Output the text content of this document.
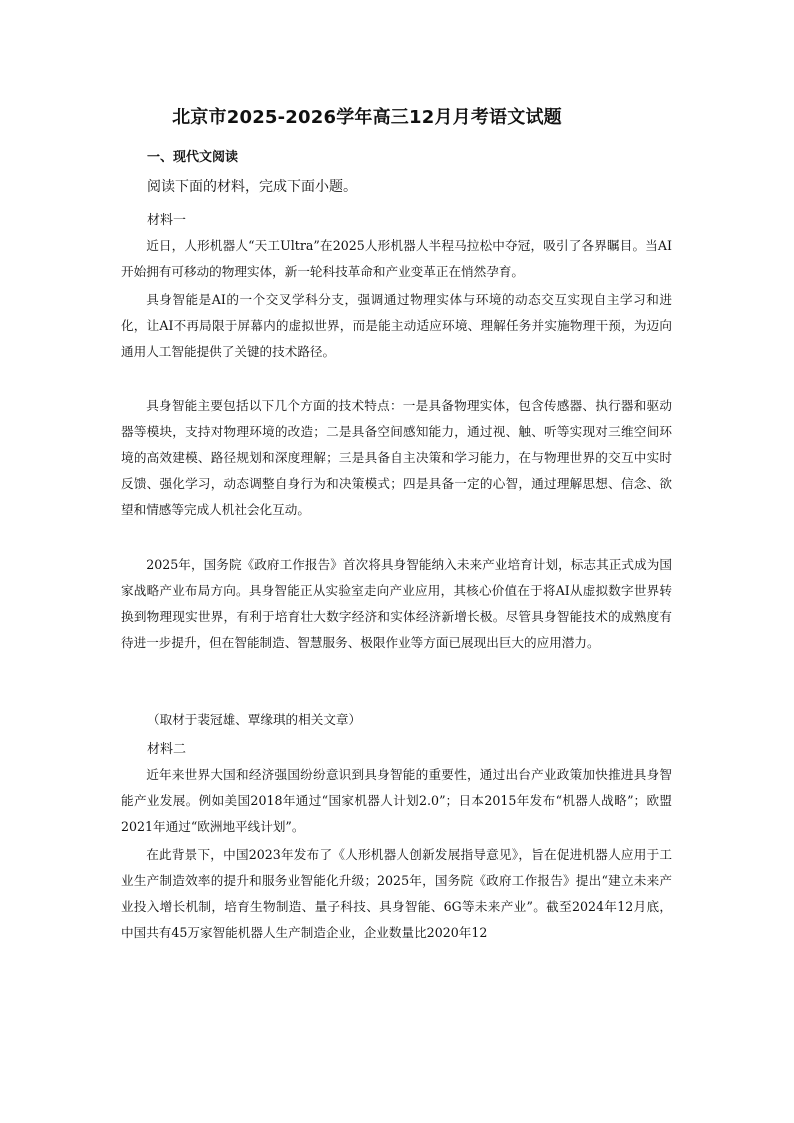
北京市2025-2026学年高三12月月考语文试题
一、现代文阅读
阅读下面的材料，完成下面小题。
材料一

近日，人形机器人“天工Ultra”在2025人形机器人半程马拉松中夺冠，吸引了各界瞩目。当AI开始拥有可移动的物理实体，新一轮科技革命和产业变革正在悄然孕育。

具身智能是AI的一个交叉学科分支，强调通过物理实体与环境的动态交互实现自主学习和进化，让AI不再局限于屏幕内的虚拟世界，而是能主动适应环境、理解任务并实施物理干预，为迈向通用人工智能提供了关键的技术路径。

具身智能主要包括以下几个方面的技术特点：一是具备物理实体，包含传感器、执行器和驱动器等模块，支持对物理环境的改造；二是具备空间感知能力，通过视、触、听等实现对三维空间环境的高效建模、路径规划和深度理解；三是具备自主决策和学习能力，在与物理世界的交互中实时反馈、强化学习，动态调整自身行为和决策模式；四是具备一定的心智，通过理解思想、信念、欲望和情感等完成人机社会化互动。

2025年，国务院《政府工作报告》首次将具身智能纳入未来产业培育计划，标志其正式成为国家战略产业布局方向。具身智能正从实验室走向产业应用，其核心价值在于将AI从虚拟数字世界转换到物理现实世界，有利于培育壮大数字经济和实体经济新增长极。尽管具身智能技术的成熟度有待进一步提升，但在智能制造、智慧服务、极限作业等方面已展现出巨大的应用潜力。

（取材于裴冠雄、覃缘琪的相关文章）
材料二

近年来世界大国和经济强国纷纷意识到具身智能的重要性，通过出台产业政策加快推进具身智能产业发展。例如美国2018年通过“国家机器人计划2.0”；日本2015年发布“机器人战略”；欧盟2021年通过“欧洲地平线计划”。

在此背景下，中国2023年发布了《人形机器人创新发展指导意见》，旨在促进机器人应用于工业生产制造效率的提升和服务业智能化升级；2025年，国务院《政府工作报告》提出“建立未来产业投入增长机制，培育生物制造、量子科技、具身智能、6G等未来产业”。截至2024年12月底，中国共有45万家智能机器人生产制造企业，企业数量比2020年12
